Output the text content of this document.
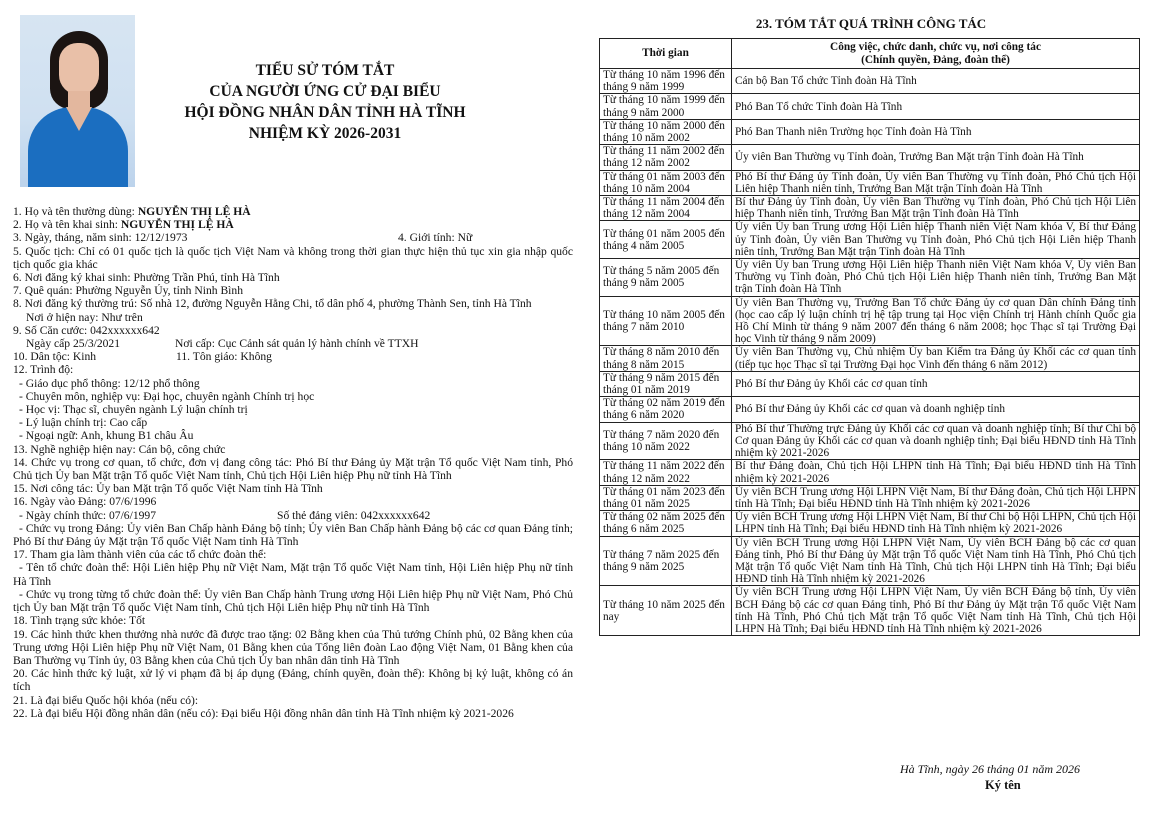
TIỂU SỬ TÓM TẮT
CỦA NGƯỜI ỨNG CỬ ĐẠI BIỂU
HỘI ĐỒNG NHÂN DÂN TỈNH HÀ TĨNH
NHIỆM KỲ 2026-2031
1. Họ và tên thường dùng: NGUYỄN THỊ LỆ HÀ
2. Họ và tên khai sinh: NGUYỄN THỊ LỆ HÀ
3. Ngày, tháng, năm sinh: 12/12/1973	4. Giới tính: Nữ
5. Quốc tịch: Chỉ có 01 quốc tịch là quốc tịch Việt Nam và không trong thời gian thực hiện thủ tục xin gia nhập quốc tịch quốc gia khác
6. Nơi đăng ký khai sinh: Phường Trần Phú, tỉnh Hà Tĩnh
7. Quê quán: Phường Nguyễn Úy, tỉnh Ninh Bình
8. Nơi đăng ký thường trú: Số nhà 12, đường Nguyễn Hằng Chi, tổ dân phố 4, phường Thành Sen, tỉnh Hà Tĩnh
Nơi ở hiện nay: Như trên
9. Số Căn cước: 042xxxxxx642
Ngày cấp 25/3/2021	Nơi cấp: Cục Cảnh sát quản lý hành chính về TTXH
10. Dân tộc: Kinh	11. Tôn giáo: Không
12. Trình độ:
- Giáo dục phổ thông: 12/12 phổ thông
- Chuyên môn, nghiệp vụ: Đại học, chuyên ngành Chính trị học
- Học vị: Thạc sĩ, chuyên ngành Lý luận chính trị
- Lý luận chính trị: Cao cấp
- Ngoại ngữ: Anh, khung B1 châu Âu
13. Nghề nghiệp hiện nay: Cán bộ, công chức
14. Chức vụ trong cơ quan, tổ chức, đơn vị đang công tác: Phó Bí thư Đảng ủy Mặt trận Tổ quốc Việt Nam tỉnh, Phó Chủ tịch Ủy ban Mặt trận Tổ quốc Việt Nam tỉnh, Chủ tịch Hội Liên hiệp Phụ nữ tỉnh Hà Tĩnh
15. Nơi công tác: Ủy ban Mặt trận Tổ quốc Việt Nam tỉnh Hà Tĩnh
16. Ngày vào Đảng: 07/6/1996
- Ngày chính thức: 07/6/1997	Số thẻ đảng viên: 042xxxxxx642
- Chức vụ trong Đảng: Ủy viên Ban Chấp hành Đảng bộ tỉnh; Ủy viên Ban Chấp hành Đảng bộ các cơ quan Đảng tỉnh; Phó Bí thư Đảng ủy Mặt trận Tổ quốc Việt Nam tỉnh Hà Tĩnh
17. Tham gia làm thành viên của các tổ chức đoàn thể:
- Tên tổ chức đoàn thể: Hội Liên hiệp Phụ nữ Việt Nam, Mặt trận Tổ quốc Việt Nam tỉnh, Hội Liên hiệp Phụ nữ tỉnh Hà Tĩnh
- Chức vụ trong từng tổ chức đoàn thể: Ủy viên Ban Chấp hành Trung ương Hội Liên hiệp Phụ nữ Việt Nam, Phó Chủ tịch Ủy ban Mặt trận Tổ quốc Việt Nam tỉnh, Chủ tịch Hội Liên hiệp Phụ nữ tỉnh Hà Tĩnh
18. Tình trạng sức khỏe: Tốt
19. Các hình thức khen thưởng nhà nước đã được trao tặng: 02 Bằng khen của Thủ tướng Chính phủ, 02 Bằng khen của Trung ương Hội Liên hiệp Phụ nữ Việt Nam, 01 Bằng khen của Tổng liên đoàn Lao động Việt Nam, 01 Bằng khen của Ban Thường vụ Tỉnh ủy, 03 Bằng khen của Chủ tịch Ủy ban nhân dân tỉnh Hà Tĩnh
20. Các hình thức kỷ luật, xử lý vi phạm đã bị áp dụng (Đảng, chính quyền, đoàn thể): Không bị kỷ luật, không có án tích
21. Là đại biểu Quốc hội khóa (nếu có):
22. Là đại biểu Hội đồng nhân dân (nếu có): Đại biểu Hội đồng nhân dân tỉnh Hà Tĩnh nhiệm kỳ 2021-2026
23. TÓM TẮT QUÁ TRÌNH CÔNG TÁC
Thời gian	Công việc, chức danh, chức vụ, nơi công tác
(Chính quyền, Đảng, đoàn thể)

Từ tháng 10 năm 1996 đến tháng 9 năm 1999	Cán bộ Ban Tổ chức Tỉnh đoàn Hà Tĩnh
Từ tháng 10 năm 1999 đến tháng 9 năm 2000	Phó Ban Tổ chức Tỉnh đoàn Hà Tĩnh
Từ tháng 10 năm 2000 đến tháng 10 năm 2002	Phó Ban Thanh niên Trường học Tỉnh đoàn Hà Tĩnh
Từ tháng 11 năm 2002 đến tháng 12 năm 2002	Ủy viên Ban Thường vụ Tỉnh đoàn, Trưởng Ban Mặt trận Tỉnh đoàn Hà Tĩnh
Từ tháng 01 năm 2003 đến tháng 10 năm 2004	Phó Bí thư Đảng ủy Tỉnh đoàn, Ủy viên Ban Thường vụ Tỉnh đoàn, Phó Chủ tịch Hội Liên hiệp Thanh niên tỉnh, Trưởng Ban Mặt trận Tỉnh đoàn Hà Tĩnh
Từ tháng 11 năm 2004 đến tháng 12 năm 2004	Bí thư Đảng ủy Tỉnh đoàn, Ủy viên Ban Thường vụ Tỉnh đoàn, Phó Chủ tịch Hội Liên hiệp Thanh niên tỉnh, Trưởng Ban Mặt trận Tỉnh đoàn Hà Tĩnh
Từ tháng 01 năm 2005 đến tháng 4 năm 2005	Ủy viên Ủy ban Trung ương Hội Liên hiệp Thanh niên Việt Nam khóa V, Bí thư Đảng ủy Tỉnh đoàn, Ủy viên Ban Thường vụ Tỉnh đoàn, Phó Chủ tịch Hội Liên hiệp Thanh niên tỉnh, Trưởng Ban Mặt trận Tỉnh đoàn Hà Tĩnh
Từ tháng 5 năm 2005 đến tháng 9 năm 2005	Ủy viên Ủy ban Trung ương Hội Liên hiệp Thanh niên Việt Nam khóa V, Ủy viên Ban Thường vụ Tỉnh đoàn, Phó Chủ tịch Hội Liên hiệp Thanh niên tỉnh, Trưởng Ban Mặt trận Tỉnh đoàn Hà Tĩnh
Từ tháng 10 năm 2005 đến tháng 7 năm 2010	Ủy viên Ban Thường vụ, Trưởng Ban Tổ chức Đảng ủy cơ quan Dân chính Đảng tỉnh (học cao cấp lý luận chính trị hệ tập trung tại Học viện Chính trị Hành chính Quốc gia Hồ Chí Minh từ tháng 9 năm 2007 đến tháng 6 năm 2008; học Thạc sĩ tại Trường Đại học Vinh từ tháng 9 năm 2009)
Từ tháng 8 năm 2010 đến tháng 8 năm 2015	Ủy viên Ban Thường vụ, Chủ nhiệm Ủy ban Kiểm tra Đảng ủy Khối các cơ quan tỉnh (tiếp tục học Thạc sĩ tại Trường Đại học Vinh đến tháng 6 năm 2012)
Từ tháng 9 năm 2015 đến tháng 01 năm 2019	Phó Bí thư Đảng ủy Khối các cơ quan tỉnh
Từ tháng 02 năm 2019 đến tháng 6 năm 2020	Phó Bí thư Đảng ủy Khối các cơ quan và doanh nghiệp tỉnh
Từ tháng 7 năm 2020 đến tháng 10 năm 2022	Phó Bí thư Thường trực Đảng ủy Khối các cơ quan và doanh nghiệp tỉnh; Bí thư Chi bộ Cơ quan Đảng ủy Khối các cơ quan và doanh nghiệp tỉnh; Đại biểu HĐND tỉnh Hà Tĩnh nhiệm kỳ 2021-2026
Từ tháng 11 năm 2022 đến tháng 12 năm 2022	Bí thư Đảng đoàn, Chủ tịch Hội LHPN tỉnh Hà Tĩnh; Đại biểu HĐND tỉnh Hà Tĩnh nhiệm kỳ 2021-2026
Từ tháng 01 năm 2023 đến tháng 01 năm 2025	Ủy viên BCH Trung ương Hội LHPN Việt Nam, Bí thư Đảng đoàn, Chủ tịch Hội LHPN tỉnh Hà Tĩnh; Đại biểu HĐND tỉnh Hà Tĩnh nhiệm kỳ 2021-2026
Từ tháng 02 năm 2025 đến tháng 6 năm 2025	Ủy viên BCH Trung ương Hội LHPN Việt Nam, Bí thư Chi bộ Hội LHPN, Chủ tịch Hội LHPN tỉnh Hà Tĩnh; Đại biểu HĐND tỉnh Hà Tĩnh nhiệm kỳ 2021-2026
Từ tháng 7 năm 2025 đến tháng 9 năm 2025	Ủy viên BCH Trung ương Hội LHPN Việt Nam, Ủy viên BCH Đảng bộ các cơ quan Đảng tỉnh, Phó Bí thư Đảng ủy Mặt trận Tổ quốc Việt Nam tỉnh Hà Tĩnh, Phó Chủ tịch Mặt trận Tổ quốc Việt Nam tỉnh Hà Tĩnh, Chủ tịch Hội LHPN tỉnh Hà Tĩnh; Đại biểu HĐND tỉnh Hà Tĩnh nhiệm kỳ 2021-2026
Từ tháng 10 năm 2025 đến nay	Ủy viên BCH Trung ương Hội LHPN Việt Nam, Ủy viên BCH Đảng bộ tỉnh, Ủy viên BCH Đảng bộ các cơ quan Đảng tỉnh, Phó Bí thư Đảng ủy Mặt trận Tổ quốc Việt Nam tỉnh Hà Tĩnh, Phó Chủ tịch Mặt trận Tổ quốc Việt Nam tỉnh Hà Tĩnh, Chủ tịch Hội LHPN Hà Tĩnh; Đại biểu HĐND tỉnh Hà Tĩnh nhiệm kỳ 2021-2026
Hà Tĩnh, ngày 26 tháng 01 năm 2026
Ký tên
